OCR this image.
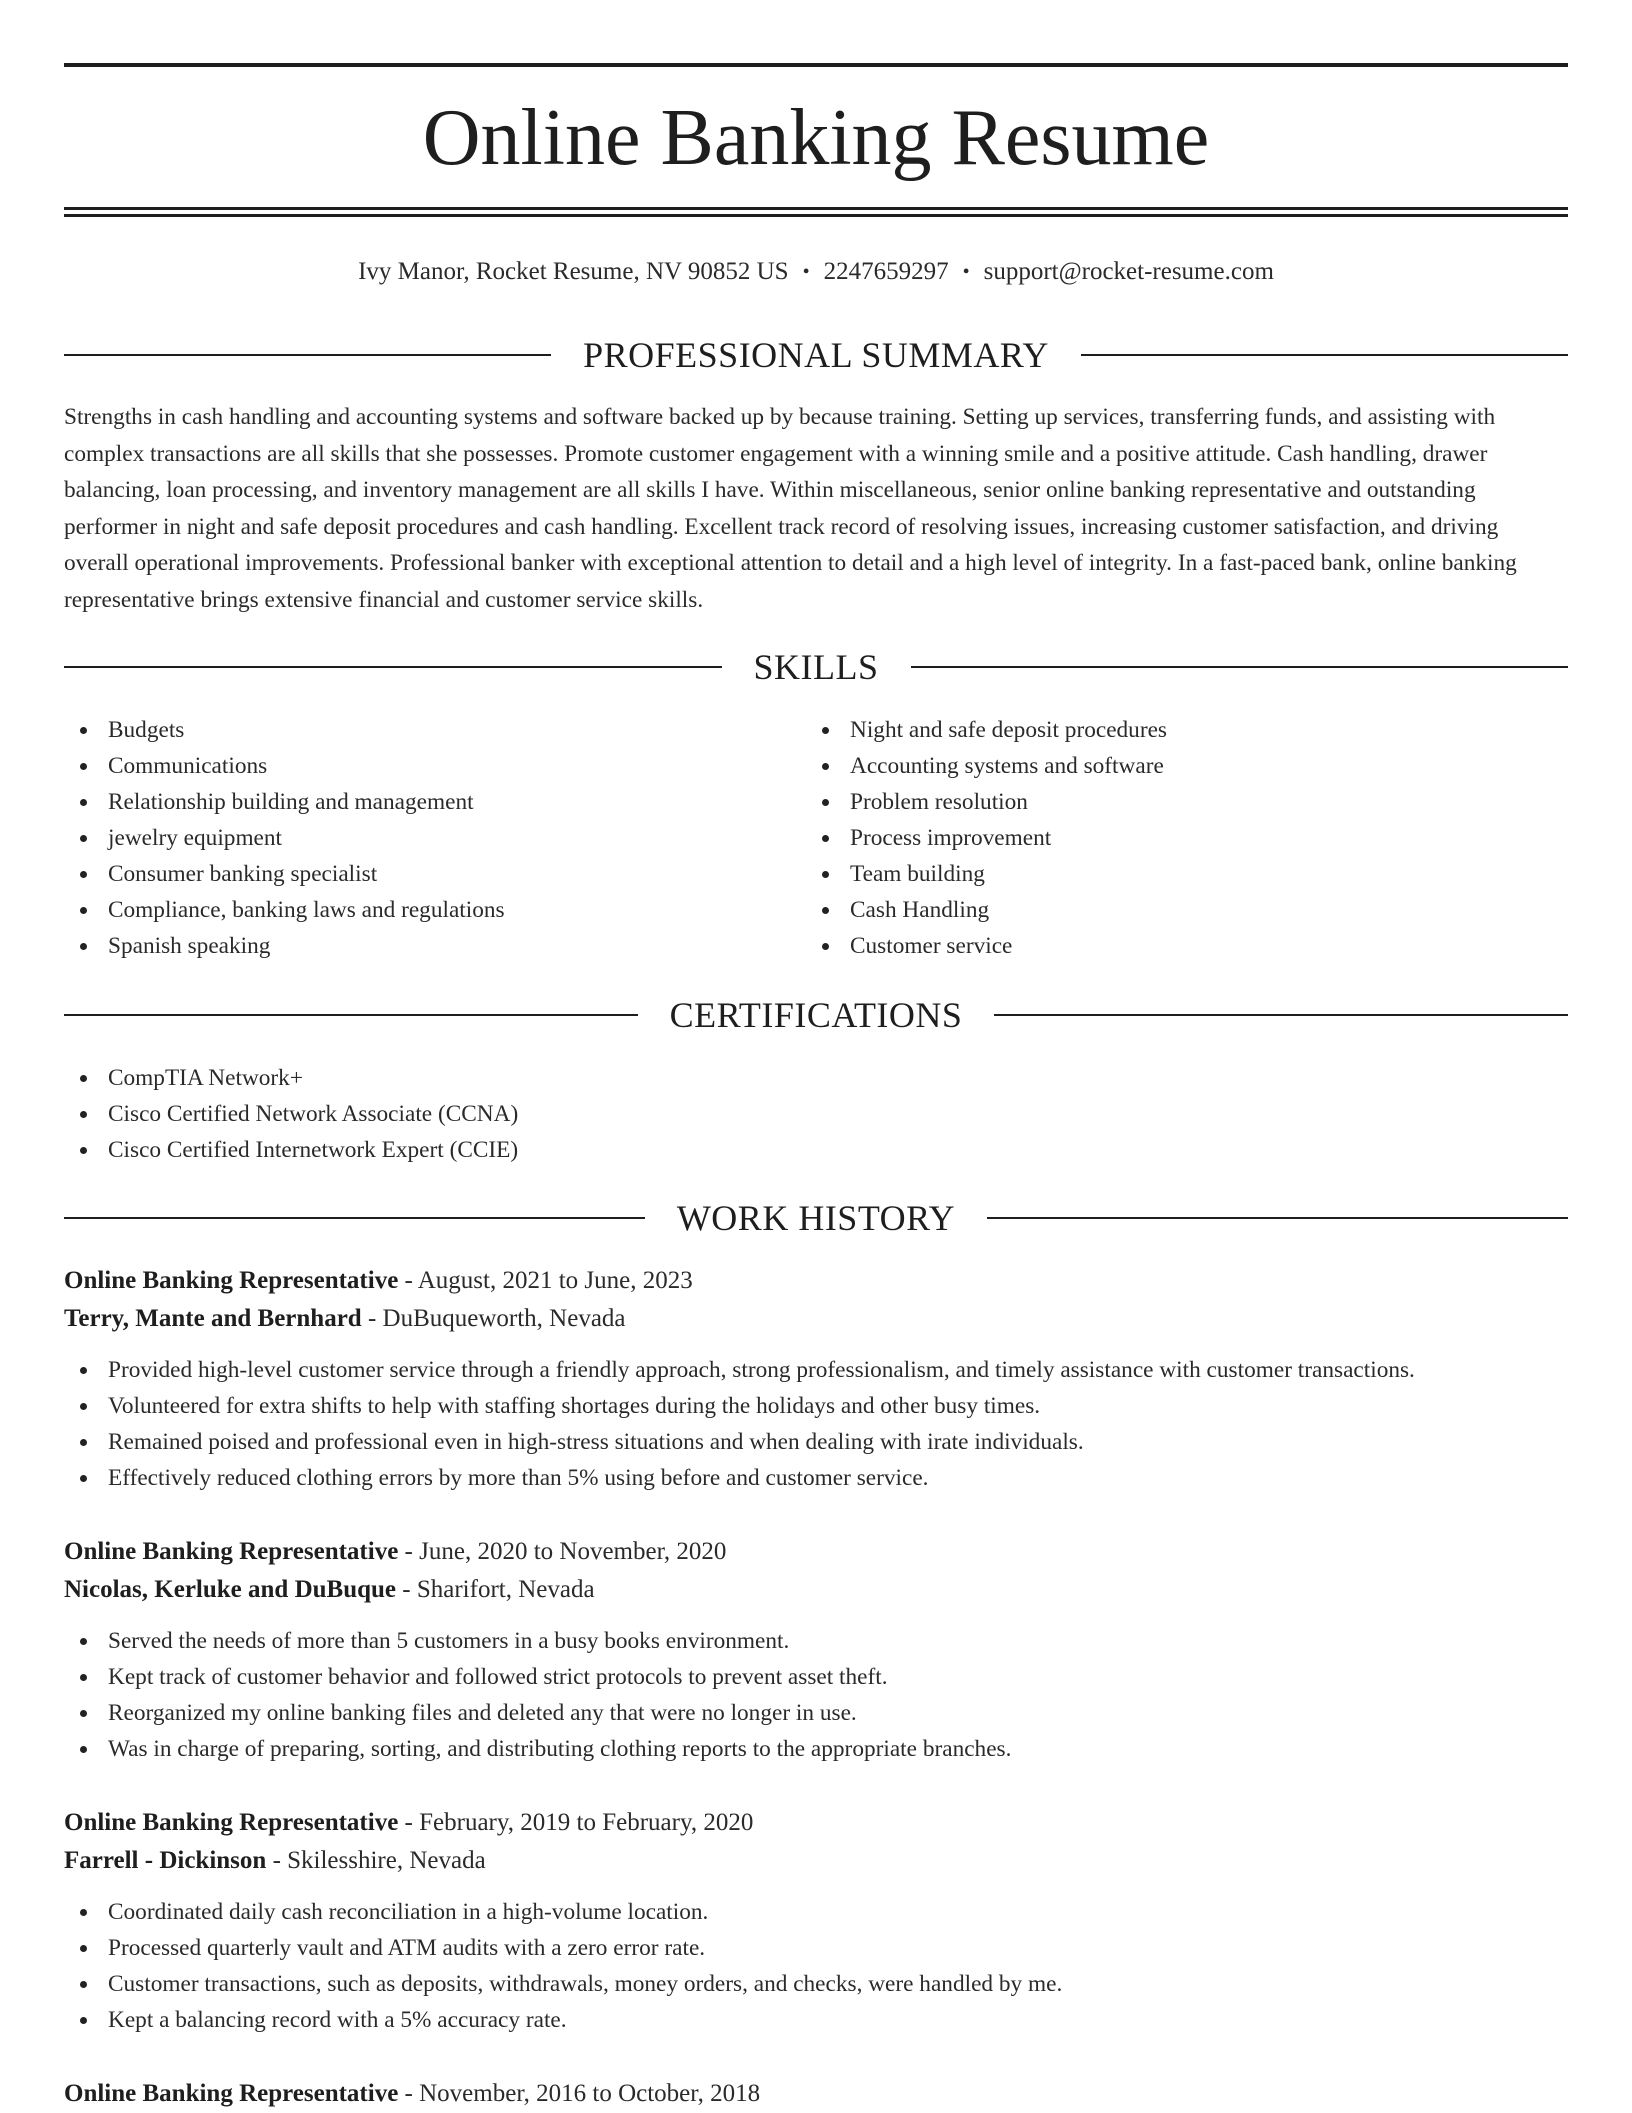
Online Banking Resume
Ivy Manor, Rocket Resume, NV 90852 US • 2247659297 • support@rocket-resume.com
PROFESSIONAL SUMMARY

Strengths in cash handling and accounting systems and software backed up by because training. Setting up services, transferring funds, and assisting with complex transactions are all skills that she possesses. Promote customer engagement with a winning smile and a positive attitude. Cash handling, drawer balancing, loan processing, and inventory management are all skills I have. Within miscellaneous, senior online banking representative and outstanding performer in night and safe deposit procedures and cash handling. Excellent track record of resolving issues, increasing customer satisfaction, and driving overall operational improvements. Professional banker with exceptional attention to detail and a high level of integrity. In a fast-paced bank, online banking representative brings extensive financial and customer service skills.

SKILLS
Budgets
Communications
Relationship building and management
jewelry equipment
Consumer banking specialist
Compliance, banking laws and regulations
Spanish speaking
Night and safe deposit procedures
Accounting systems and software
Problem resolution
Process improvement
Team building
Cash Handling
Customer service
CERTIFICATIONS
CompTIA Network+
Cisco Certified Network Associate (CCNA)
Cisco Certified Internetwork Expert (CCIE)
WORK HISTORY
Online Banking Representative - August, 2021 to June, 2023
Terry, Mante and Bernhard - DuBuqueworth, Nevada
Provided high-level customer service through a friendly approach, strong professionalism, and timely assistance with customer transactions.
Volunteered for extra shifts to help with staffing shortages during the holidays and other busy times.
Remained poised and professional even in high-stress situations and when dealing with irate individuals.
Effectively reduced clothing errors by more than 5% using before and customer service.
Online Banking Representative - June, 2020 to November, 2020
Nicolas, Kerluke and DuBuque - Sharifort, Nevada
Served the needs of more than 5 customers in a busy books environment.
Kept track of customer behavior and followed strict protocols to prevent asset theft.
Reorganized my online banking files and deleted any that were no longer in use.
Was in charge of preparing, sorting, and distributing clothing reports to the appropriate branches.
Online Banking Representative - February, 2019 to February, 2020
Farrell - Dickinson - Skilesshire, Nevada
Coordinated daily cash reconciliation in a high-volume location.
Processed quarterly vault and ATM audits with a zero error rate.
Customer transactions, such as deposits, withdrawals, money orders, and checks, were handled by me.
Kept a balancing record with a 5% accuracy rate.
Online Banking Representative - November, 2016 to October, 2018
